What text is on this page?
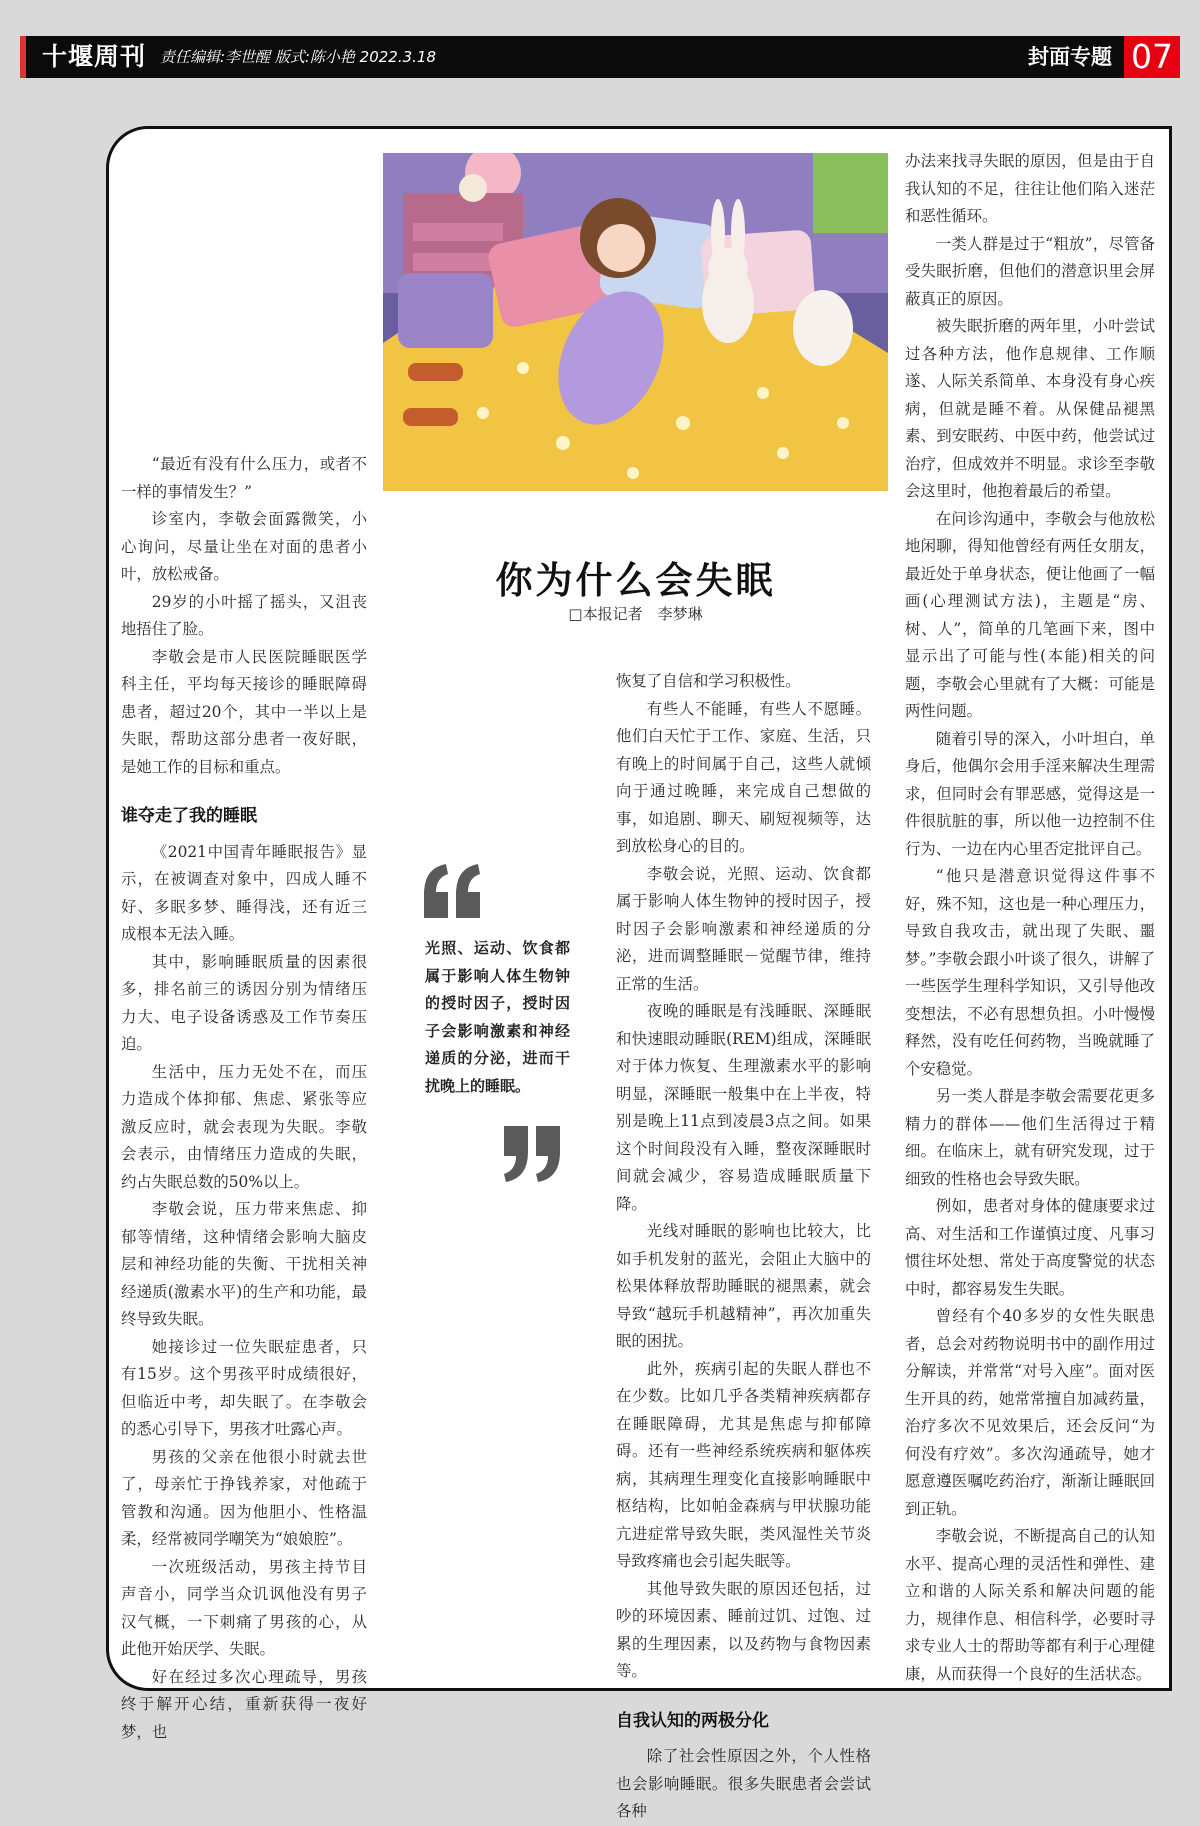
十堰周刊 责任编辑:李世醒 版式:陈小艳 2022.3.18	封面专题 07
你为什么会失眠
□本报记者　李梦琳
光照、运动、饮食都属于影响人体生物钟的授时因子，授时因子会影响激素和神经递质的分泌，进而干扰晚上的睡眠。

“最近有没有什么压力，或者不一样的事情发生？”

诊室内，李敬会面露微笑，小心询问，尽量让坐在对面的患者小叶，放松戒备。

29岁的小叶摇了摇头，又沮丧地捂住了脸。

李敬会是市人民医院睡眠医学科主任，平均每天接诊的睡眠障碍患者，超过20个，其中一半以上是失眠，帮助这部分患者一夜好眠，是她工作的目标和重点。

谁夺走了我的睡眠

《2021中国青年睡眠报告》显示，在被调查对象中，四成人睡不好、多眠多梦、睡得浅，还有近三成根本无法入睡。

其中，影响睡眠质量的因素很多，排名前三的诱因分别为情绪压力大、电子设备诱惑及工作节奏压迫。

生活中，压力无处不在，而压力造成个体抑郁、焦虑、紧张等应激反应时，就会表现为失眠。李敬会表示，由情绪压力造成的失眠，约占失眠总数的50%以上。

李敬会说，压力带来焦虑、抑郁等情绪，这种情绪会影响大脑皮层和神经功能的失衡、干扰相关神经递质(激素水平)的生产和功能，最终导致失眠。

她接诊过一位失眠症患者，只有15岁。这个男孩平时成绩很好，但临近中考，却失眠了。在李敬会的悉心引导下，男孩才吐露心声。

男孩的父亲在他很小时就去世了，母亲忙于挣钱养家，对他疏于管教和沟通。因为他胆小、性格温柔，经常被同学嘲笑为“娘娘腔”。

一次班级活动，男孩主持节目声音小，同学当众讥讽他没有男子汉气概，一下刺痛了男孩的心，从此他开始厌学、失眠。

好在经过多次心理疏导，男孩终于解开心结，重新获得一夜好梦，也

恢复了自信和学习积极性。

有些人不能睡，有些人不愿睡。他们白天忙于工作、家庭、生活，只有晚上的时间属于自己，这些人就倾向于通过晚睡，来完成自己想做的事，如追剧、聊天、刷短视频等，达到放松身心的目的。

李敬会说，光照、运动、饮食都属于影响人体生物钟的授时因子，授时因子会影响激素和神经递质的分泌，进而调整睡眠－觉醒节律，维持正常的生活。

夜晚的睡眠是有浅睡眠、深睡眠和快速眼动睡眠(REM)组成，深睡眠对于体力恢复、生理激素水平的影响明显，深睡眠一般集中在上半夜，特别是晚上11点到凌晨3点之间。如果这个时间段没有入睡，整夜深睡眠时间就会减少，容易造成睡眠质量下降。

光线对睡眠的影响也比较大，比如手机发射的蓝光，会阻止大脑中的松果体释放帮助睡眠的褪黑素，就会导致“越玩手机越精神”，再次加重失眠的困扰。

此外，疾病引起的失眠人群也不在少数。比如几乎各类精神疾病都存在睡眠障碍，尤其是焦虑与抑郁障碍。还有一些神经系统疾病和躯体疾病，其病理生理变化直接影响睡眠中枢结构，比如帕金森病与甲状腺功能亢进症常导致失眠，类风湿性关节炎导致疼痛也会引起失眠等。

其他导致失眠的原因还包括，过吵的环境因素、睡前过饥、过饱、过累的生理因素，以及药物与食物因素等。

自我认知的两极分化

除了社会性原因之外，个人性格也会影响睡眠。很多失眠患者会尝试各种

办法来找寻失眠的原因，但是由于自我认知的不足，往往让他们陷入迷茫和恶性循环。

一类人群是过于“粗放”，尽管备受失眠折磨，但他们的潜意识里会屏蔽真正的原因。

被失眠折磨的两年里，小叶尝试过各种方法，他作息规律、工作顺遂、人际关系简单、本身没有身心疾病，但就是睡不着。从保健品褪黑素、到安眠药、中医中药，他尝试过治疗，但成效并不明显。求诊至李敬会这里时，他抱着最后的希望。

在问诊沟通中，李敬会与他放松地闲聊，得知他曾经有两任女朋友，最近处于单身状态，便让他画了一幅画(心理测试方法)，主题是“房、树、人”，简单的几笔画下来，图中显示出了可能与性(本能)相关的问题，李敬会心里就有了大概：可能是两性问题。

随着引导的深入，小叶坦白，单身后，他偶尔会用手淫来解决生理需求，但同时会有罪恶感，觉得这是一件很肮脏的事，所以他一边控制不住行为、一边在内心里否定批评自己。

“他只是潜意识觉得这件事不好，殊不知，这也是一种心理压力，导致自我攻击，就出现了失眠、噩梦。”李敬会跟小叶谈了很久，讲解了一些医学生理科学知识，又引导他改变想法，不必有思想负担。小叶慢慢释然，没有吃任何药物，当晚就睡了个安稳觉。

另一类人群是李敬会需要花更多精力的群体——他们生活得过于精细。在临床上，就有研究发现，过于细致的性格也会导致失眠。

例如，患者对身体的健康要求过高、对生活和工作谨慎过度、凡事习惯往坏处想、常处于高度警觉的状态中时，都容易发生失眠。

曾经有个40多岁的女性失眠患者，总会对药物说明书中的副作用过分解读，并常常“对号入座”。面对医生开具的药，她常常擅自加减药量，治疗多次不见效果后，还会反问“为何没有疗效”。多次沟通疏导，她才愿意遵医嘱吃药治疗，渐渐让睡眠回到正轨。

李敬会说，不断提高自己的认知水平、提高心理的灵活性和弹性、建立和谐的人际关系和解决问题的能力，规律作息、相信科学，必要时寻求专业人士的帮助等都有利于心理健康，从而获得一个良好的生活状态。
